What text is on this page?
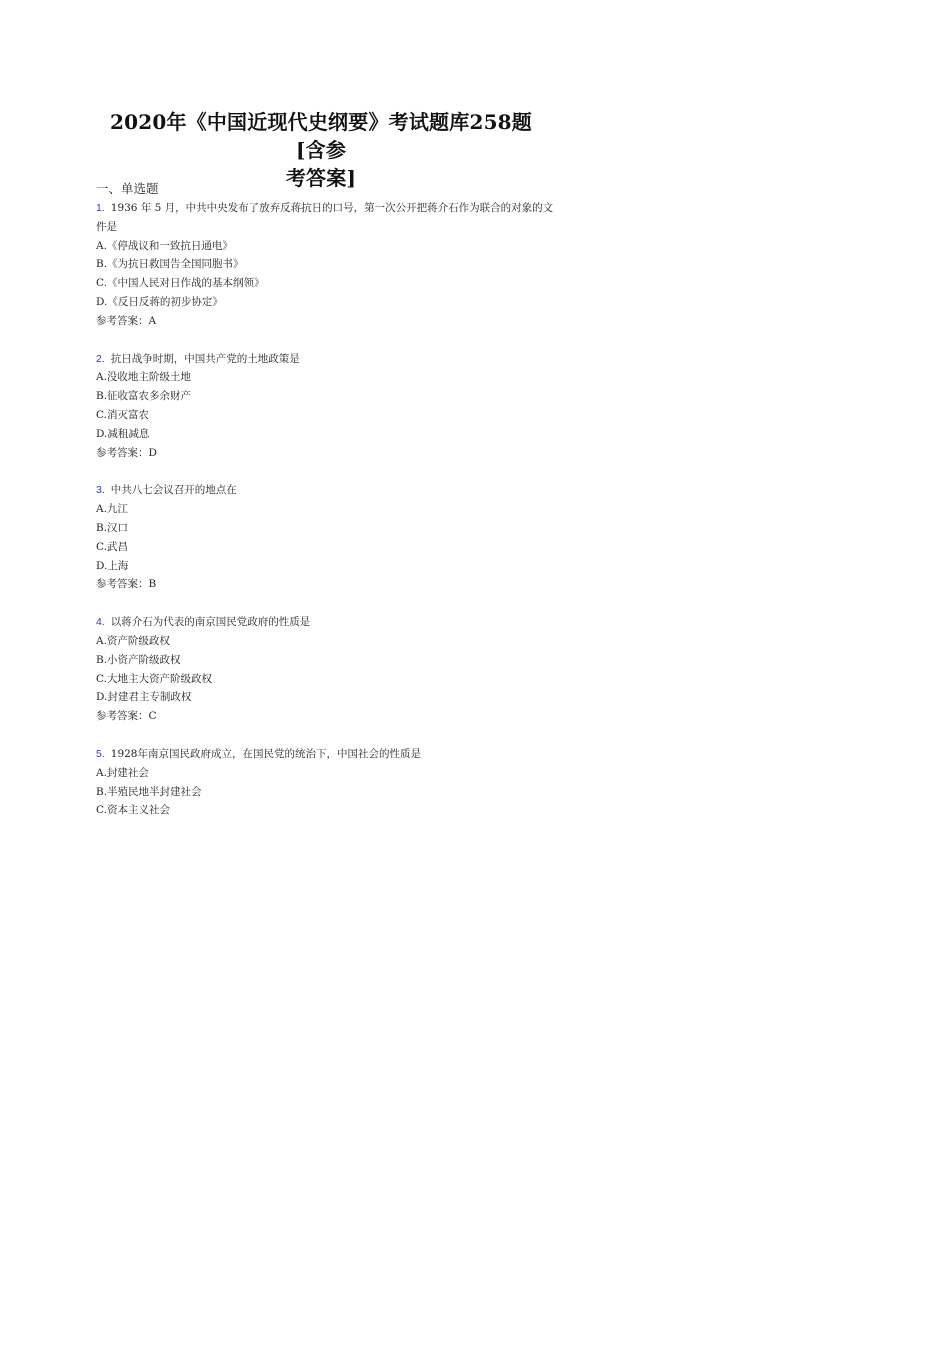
2020年《中国近现代史纲要》考试题库258题[含参
考答案]
一、单选题
1. 1936 年 5 月，中共中央发布了放弃反蒋抗日的口号，第一次公开把蒋介石作为联合的对象的文件是
A.《停战议和一致抗日通电》
B.《为抗日救国告全国同胞书》
C.《中国人民对日作战的基本纲领》
D.《反日反蒋的初步协定》
参考答案：A
2. 抗日战争时期，中国共产党的土地政策是
A.没收地主阶级土地
B.征收富农多余财产
C.消灭富农
D.减租减息
参考答案：D
3. 中共八七会议召开的地点在
A.九江
B.汉口
C.武昌
D.上海
参考答案：B
4. 以蒋介石为代表的南京国民党政府的性质是
A.资产阶级政权
B.小资产阶级政权
C.大地主大资产阶级政权
D.封建君主专制政权
参考答案：C
5. 1928年南京国民政府成立，在国民党的统治下，中国社会的性质是
A.封建社会
B.半殖民地半封建社会
C.资本主义社会
